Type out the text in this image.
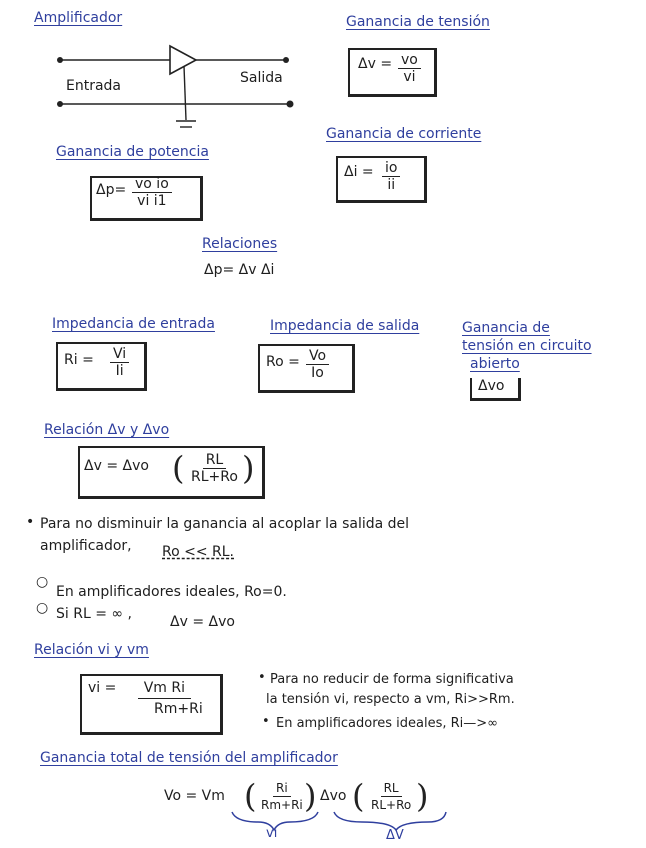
Amplificador
Entrada	Salida
Ganancia de tensión
$\Delta v = \frac{vo}{vi}$
Ganancia de corriente
$\Delta i = \frac{io}{ii}$
Ganancia de potencia
$\Delta p= \frac{\text{vo io}}{\text{vi i1}}$
Relaciones
Δp= Δv Δi
Impedancia de entrada
$Ri = \frac{Vi}{Ii}$
Impedancia de salida
$Ro = \frac{Vo}{Io}$
Ganancia de
tensión en circuito
abierto
Δvo
Relación Δv y Δvo
Δv = Δvo ( $\frac{RL}{RL+Ro}$ )
• Para no disminuir la ganancia al acoplar la salida del
amplificador, Ro << RL.
○
En amplificadores ideales, Ro=0.
○ Si RL = ∞ ,	Δv = Δvo
Relación vi y vm
vi = $\frac{\text{Vm Ri}}{Rm+Ri}$
• Para no reducir de forma significativa
la tensión vi, respecto a vm, Ri>>Rm.
• En amplificadores ideales, Ri—>∞
Ganancia total de tensión del amplificador
Vo = Vm ( $\frac{Ri}{Rm+Ri}$
) Δvo ( $\frac{RL}{RL+Ro}$ )
vi	ΔV
